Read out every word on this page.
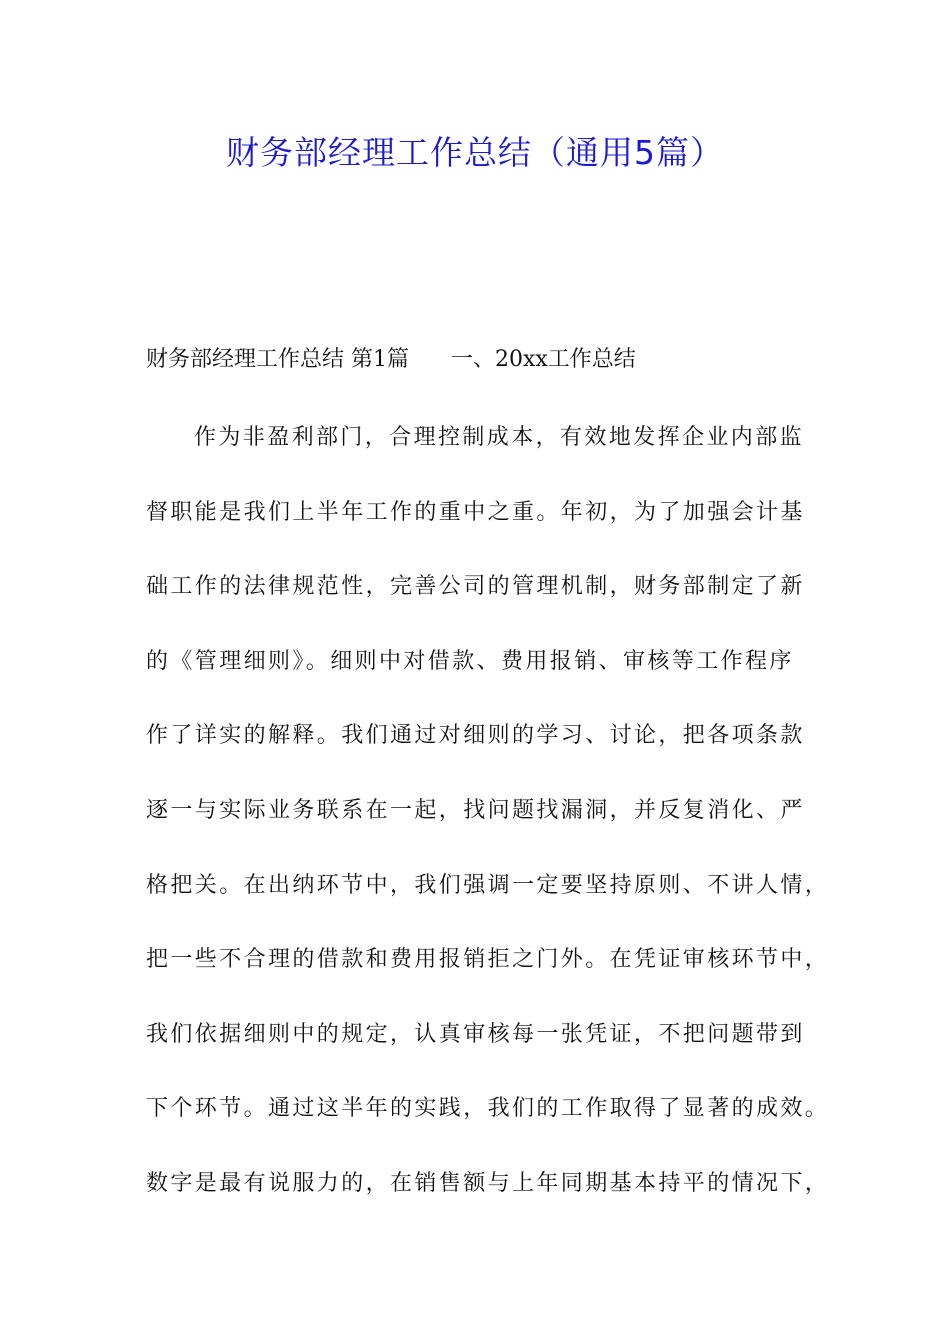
财务部经理工作总结（通用5篇）
财务部经理工作总结 第1篇 一、20xx工作总结
作为非盈利部门，合理控制成本，有效地发挥企业内部监
督职能是我们上半年工作的重中之重。年初，为了加强会计基
础工作的法律规范性，完善公司的管理机制，财务部制定了新
的《管理细则》。细则中对借款、费用报销、审核等工作程序
作了详实的解释。我们通过对细则的学习、讨论，把各项条款
逐一与实际业务联系在一起，找问题找漏洞，并反复消化、严
格把关。在出纳环节中，我们强调一定要坚持原则、不讲人情，
把一些不合理的借款和费用报销拒之门外。在凭证审核环节中，
我们依据细则中的规定，认真审核每一张凭证，不把问题带到
下个环节。通过这半年的实践，我们的工作取得了显著的成效。
数字是最有说服力的，在销售额与上年同期基本持平的情况下，
